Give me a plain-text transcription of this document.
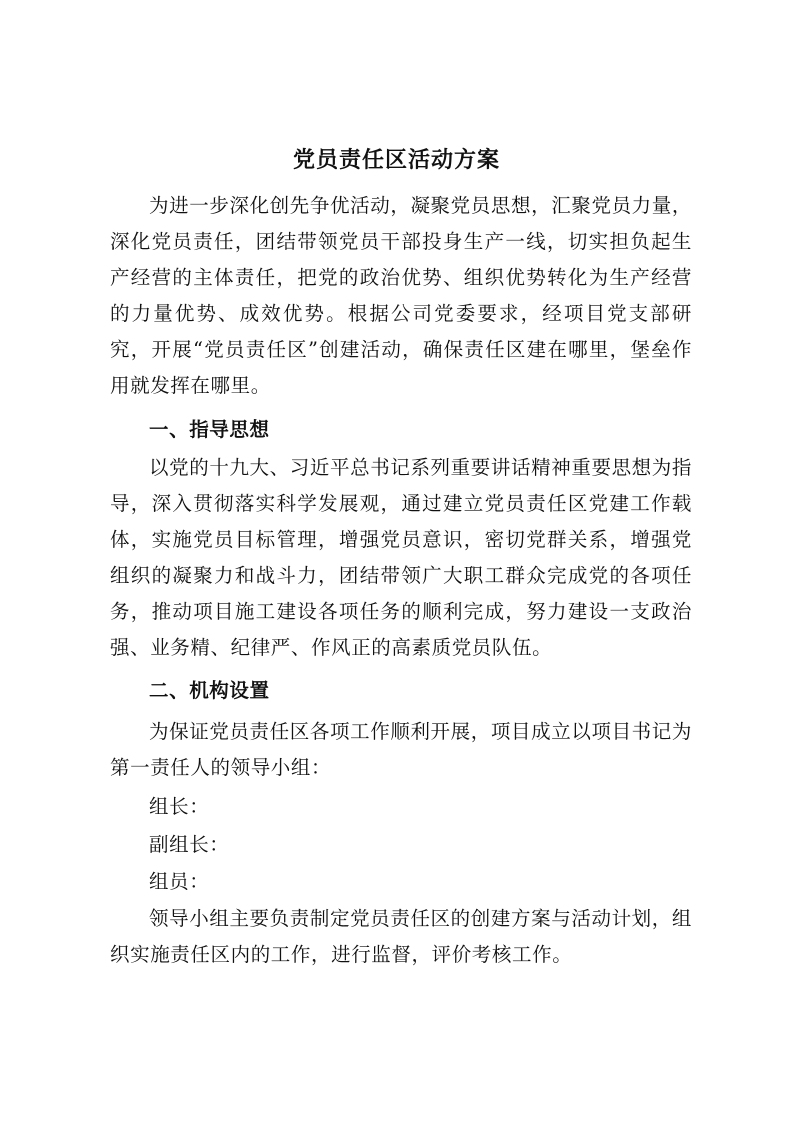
党员责任区活动方案
为进一步深化创先争优活动，凝聚党员思想，汇聚党员力量，深化党员责任，团结带领党员干部投身生产一线，切实担负起生产经营的主体责任，把党的政治优势、组织优势转化为生产经营的力量优势、成效优势。根据公司党委要求，经项目党支部研究，开展“党员责任区”创建活动，确保责任区建在哪里，堡垒作用就发挥在哪里。
一、指导思想
以党的十九大、习近平总书记系列重要讲话精神重要思想为指导，深入贯彻落实科学发展观，通过建立党员责任区党建工作载体，实施党员目标管理，增强党员意识，密切党群关系，增强党组织的凝聚力和战斗力，团结带领广大职工群众完成党的各项任务，推动项目施工建设各项任务的顺利完成，努力建设一支政治强、业务精、纪律严、作风正的高素质党员队伍。
二、机构设置
为保证党员责任区各项工作顺利开展，项目成立以项目书记为第一责任人的领导小组：
组长：
副组长：
组员：
领导小组主要负责制定党员责任区的创建方案与活动计划，组织实施责任区内的工作，进行监督，评价考核工作。
